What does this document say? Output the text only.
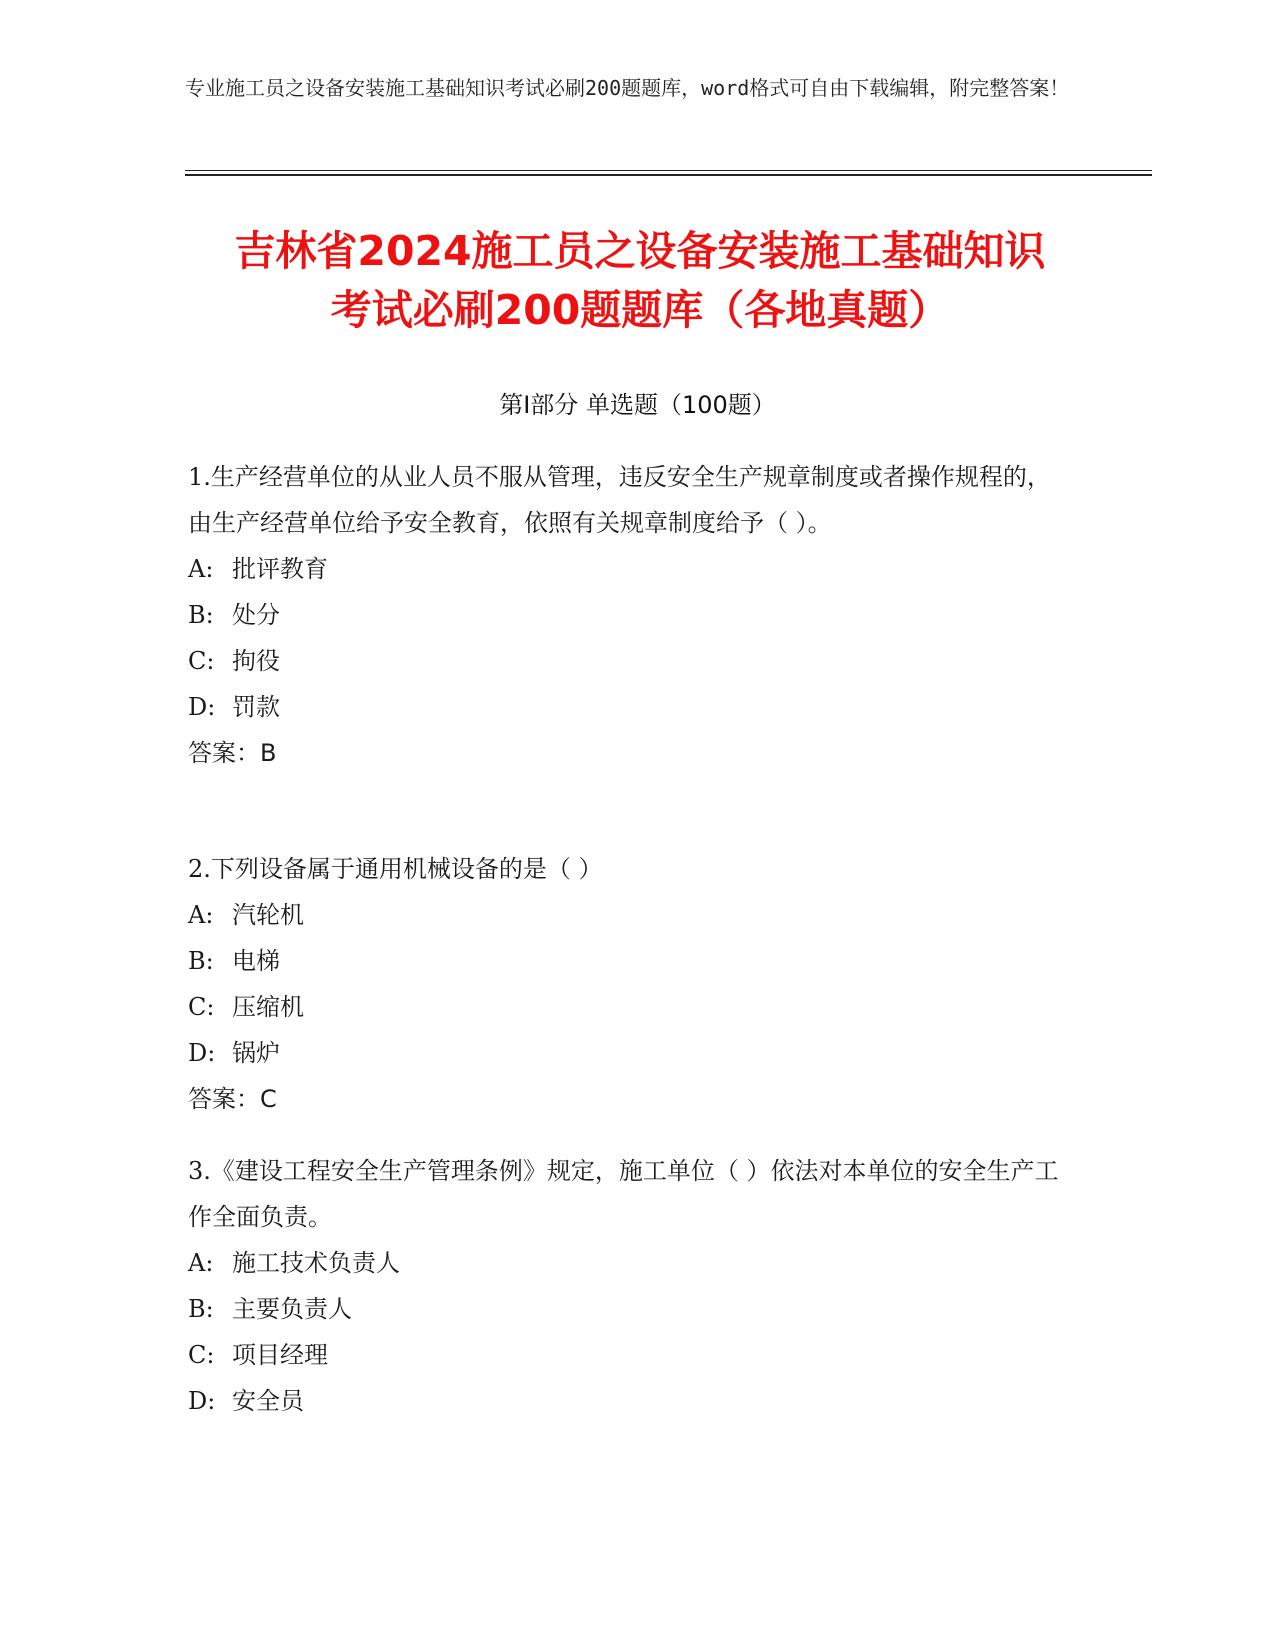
专业施工员之设备安装施工基础知识考试必刷200题题库，word格式可自由下载编辑，附完整答案！
吉林省2024施工员之设备安装施工基础知识
考试必刷200题题库（各地真题）
第Ⅰ部分 单选题（100题）

1.生产经营单位的从业人员不服从管理，违反安全生产规章制度或者操作规程的，由生产经营单位给予安全教育，依照有关规章制度给予（ ）。

A: 批评教育

B: 处分

C: 拘役

D: 罚款

答案：B

2.下列设备属于通用机械设备的是（ ）

A: 汽轮机

B: 电梯

C: 压缩机

D: 锅炉

答案：C

3.《建设工程安全生产管理条例》规定，施工单位（ ）依法对本单位的安全生产工作全面负责。

A: 施工技术负责人

B: 主要负责人

C: 项目经理

D: 安全员
